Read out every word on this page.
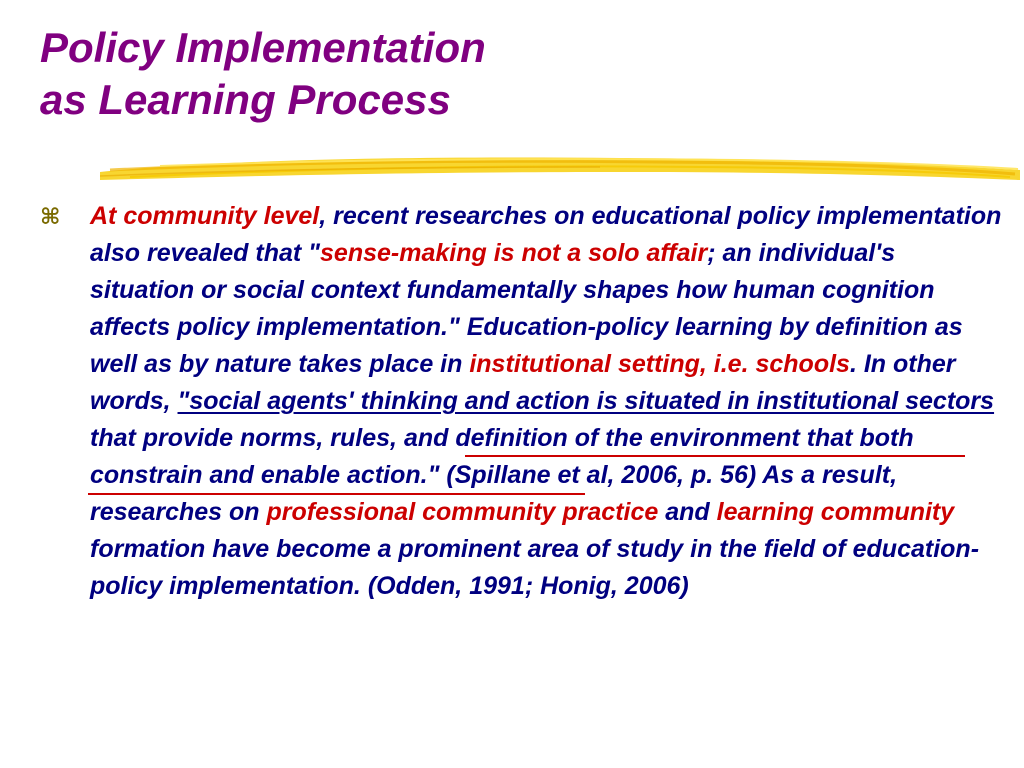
Policy Implementation
as Learning Process
⌘ At community level, recent researches on educational policy implementation also revealed that "sense-making is not a solo affair; an individual's situation or social context fundamentally shapes how human cognition affects policy implementation." Education-policy learning by definition as well as by nature takes place in institutional setting, i.e. schools. In other words, "social agents' thinking and action is situated in institutional sectors that provide norms, rules, and definition of the environment that both constrain and enable action." (Spillane et al, 2006, p. 56) As a result, researches on professional community practice and learning community formation have become a prominent area of study in the field of education-policy implementation. (Odden, 1991; Honig, 2006)
